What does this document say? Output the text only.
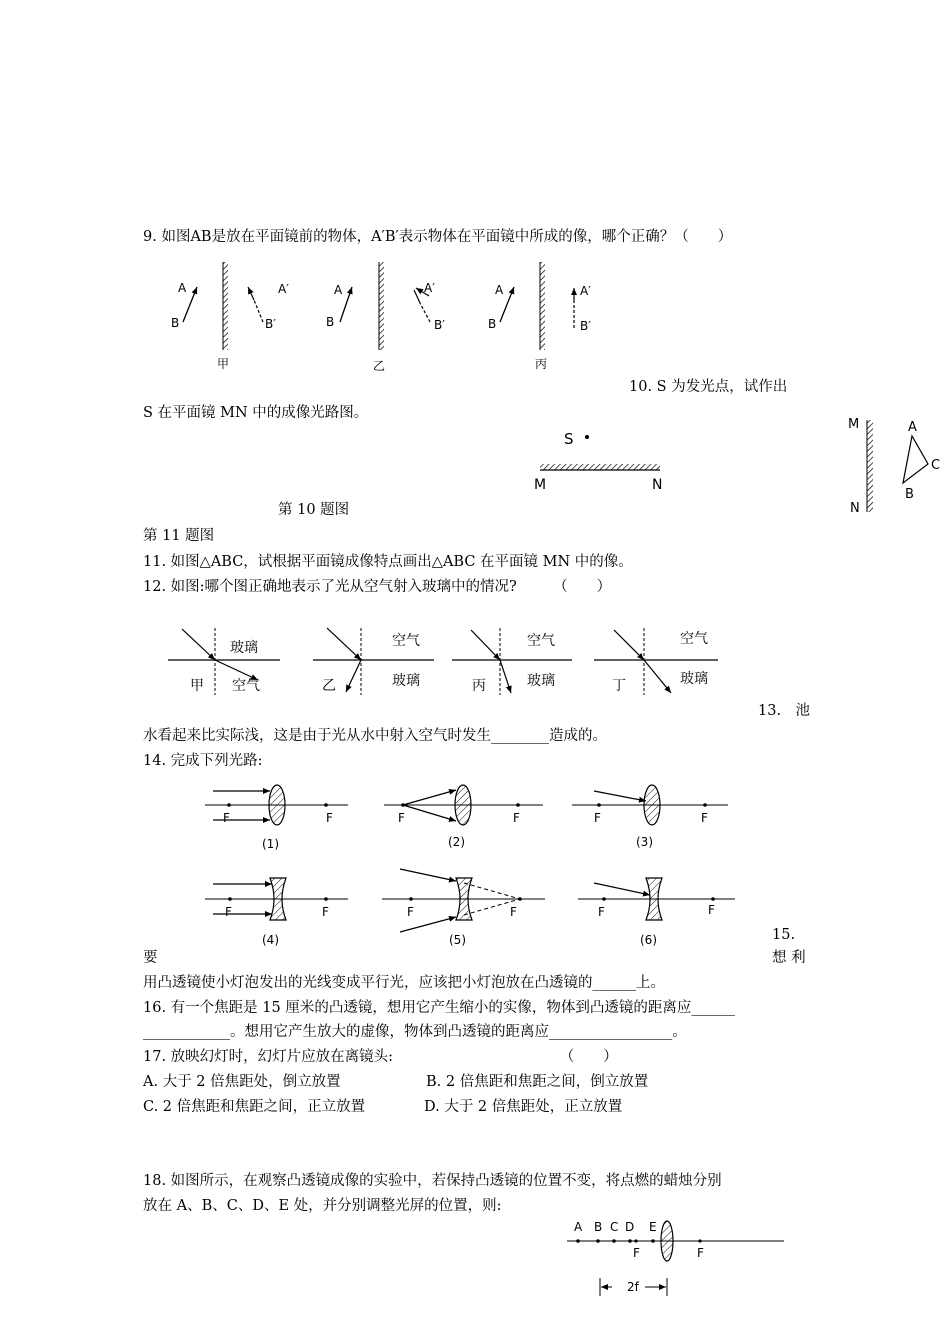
A
B
A′
B′
甲
A
B
A′
B′
乙
A
B
A′
B′
丙
S
M	N
M
N
A
B
C
玻璃
空气
甲
空气
玻璃
乙
空气
玻璃
丙
空气
玻璃
丁
F	F
(1)
F	F
(2)
F	F
(3)
F	F
(4)
F	F
(5)
F	F
(6)
A B C D E
F	F
2f
9. 如图AB是放在平面镜前的物体，A′B′表示物体在平面镜中所成的像，哪个正确？（　　）
10. S 为发光点，试作出
S 在平面镜 MN 中的成像光路图。
第 10 题图
第 11 题图
11. 如图△ABC，试根据平面镜成像特点画出△ABC 在平面镜 MN 中的像。
12. 如图:哪个图正确地表示了光从空气射入玻璃中的情况?　　　（　　）
13.　池
水看起来比实际浅，这是由于光从水中射入空气时发生________造成的。
14. 完成下列光路:
15.
要	想 利
用凸透镜使小灯泡发出的光线变成平行光，应该把小灯泡放在凸透镜的______上。
16. 有一个焦距是 15 厘米的凸透镜，想用它产生缩小的实像，物体到凸透镜的距离应______
____________。想用它产生放大的虚像，物体到凸透镜的距离应_________________。
17. 放映幻灯时，幻灯片应放在离镜头:　　　　　　　　　　　　（　　）
A. 大于 2 倍焦距处，倒立放置	B. 2 倍焦距和焦距之间，倒立放置
C. 2 倍焦距和焦距之间，正立放置	D. 大于 2 倍焦距处，正立放置
18. 如图所示，在观察凸透镜成像的实验中，若保持凸透镜的位置不变，将点燃的蜡烛分别
放在 A、B、C、D、E 处，并分别调整光屏的位置，则:
